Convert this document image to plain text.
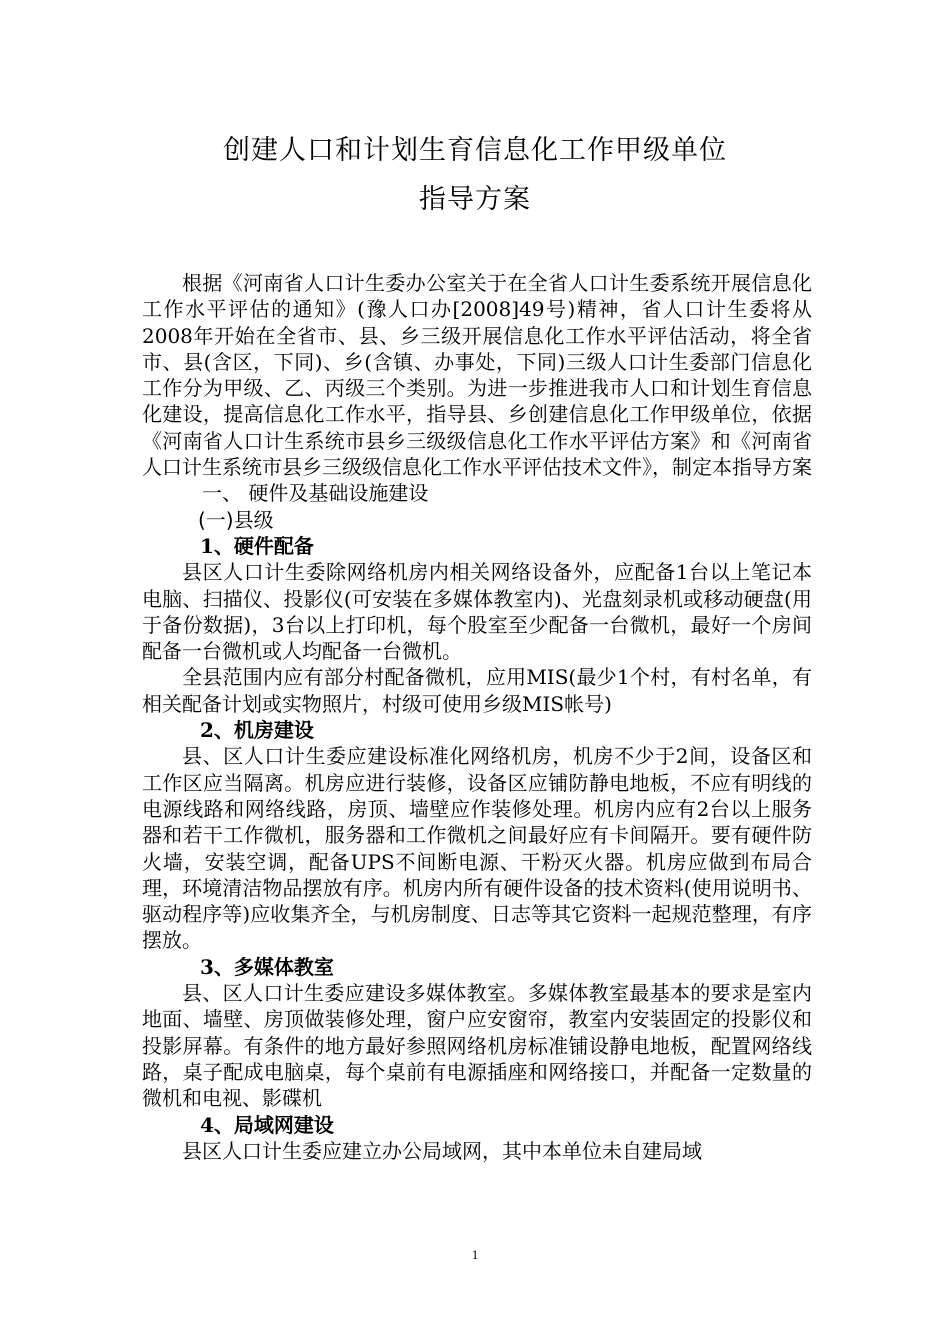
创建人口和计划生育信息化工作甲级单位
指导方案

根据《河南省人口计生委办公室关于在全省人口计生委系统开展信息化工作水平评估的通知》(豫人口办[2008]49号)精神，省人口计生委将从2008年开始在全省市、县、乡三级开展信息化工作水平评估活动，将全省市、县(含区，下同)、乡(含镇、办事处，下同)三级人口计生委部门信息化工作分为甲级、乙、丙级三个类别。为进一步推进我市人口和计划生育信息化建设，提高信息化工作水平，指导县、乡创建信息化工作甲级单位，依据《河南省人口计生系统市县乡三级级信息化工作水平评估方案》和《河南省人口计生系统市县乡三级级信息化工作水平评估技术文件》，制定本指导方案

一、 硬件及基础设施建设

(一)县级

1、硬件配备

县区人口计生委除网络机房内相关网络设备外，应配备1台以上笔记本电脑、扫描仪、投影仪(可安装在多媒体教室内)、光盘刻录机或移动硬盘(用于备份数据)，3台以上打印机，每个股室至少配备一台微机，最好一个房间配备一台微机或人均配备一台微机。

全县范围内应有部分村配备微机，应用MIS(最少1个村，有村名单，有相关配备计划或实物照片，村级可使用乡级MIS帐号)

2、机房建设

县、区人口计生委应建设标准化网络机房，机房不少于2间，设备区和工作区应当隔离。机房应进行装修，设备区应铺防静电地板，不应有明线的电源线路和网络线路，房顶、墙壁应作装修处理。机房内应有2台以上服务器和若干工作微机，服务器和工作微机之间最好应有卡间隔开。要有硬件防火墙，安装空调，配备UPS不间断电源、干粉灭火器。机房应做到布局合理，环境清洁物品摆放有序。机房内所有硬件设备的技术资料(使用说明书、驱动程序等)应收集齐全，与机房制度、日志等其它资料一起规范整理，有序摆放。

3、多媒体教室

县、区人口计生委应建设多媒体教室。多媒体教室最基本的要求是室内地面、墙壁、房顶做装修处理，窗户应安窗帘，教室内安装固定的投影仪和投影屏幕。有条件的地方最好参照网络机房标准铺设静电地板，配置网络线路，桌子配成电脑桌，每个桌前有电源插座和网络接口，并配备一定数量的微机和电视、影碟机

4、局域网建设

县区人口计生委应建立办公局域网，其中本单位未自建局域

1
